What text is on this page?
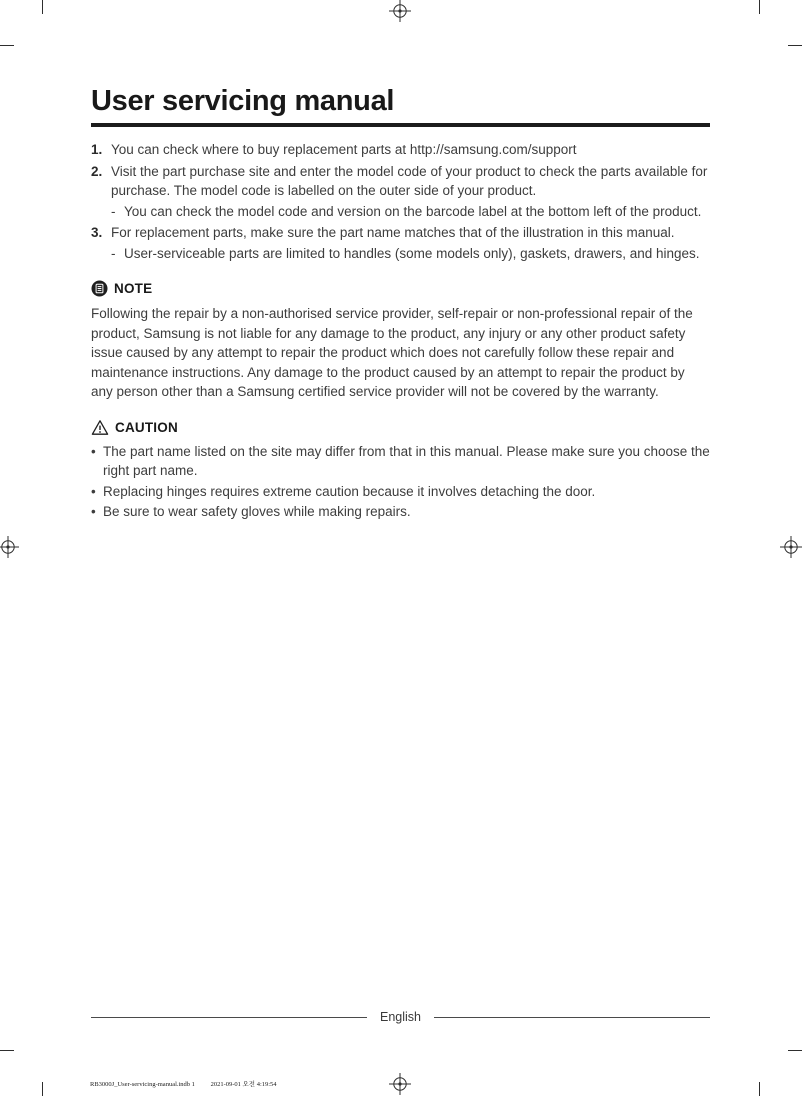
User servicing manual
1. You can check where to buy replacement parts at http://samsung.com/support
2. Visit the part purchase site and enter the model code of your product to check the parts available for purchase. The model code is labelled on the outer side of your product.
- You can check the model code and version on the barcode label at the bottom left of the product.
3. For replacement parts, make sure the part name matches that of the illustration in this manual.
- User-serviceable parts are limited to handles (some models only), gaskets, drawers, and hinges.
NOTE

Following the repair by a non-authorised service provider, self-repair or non-professional repair of the product, Samsung is not liable for any damage to the product, any injury or any other product safety issue caused by any attempt to repair the product which does not carefully follow these repair and maintenance instructions. Any damage to the product caused by an attempt to repair the product by any person other than a Samsung certified service provider will not be covered by the warranty.

CAUTION
• The part name listed on the site may differ from that in this manual. Please make sure you choose the right part name.
• Replacing hinges requires extreme caution because it involves detaching the door.
• Be sure to wear safety gloves while making repairs.
English
RB3000J_User-servicing-manual.indb 1 2021-09-01 오전 4:19:54
